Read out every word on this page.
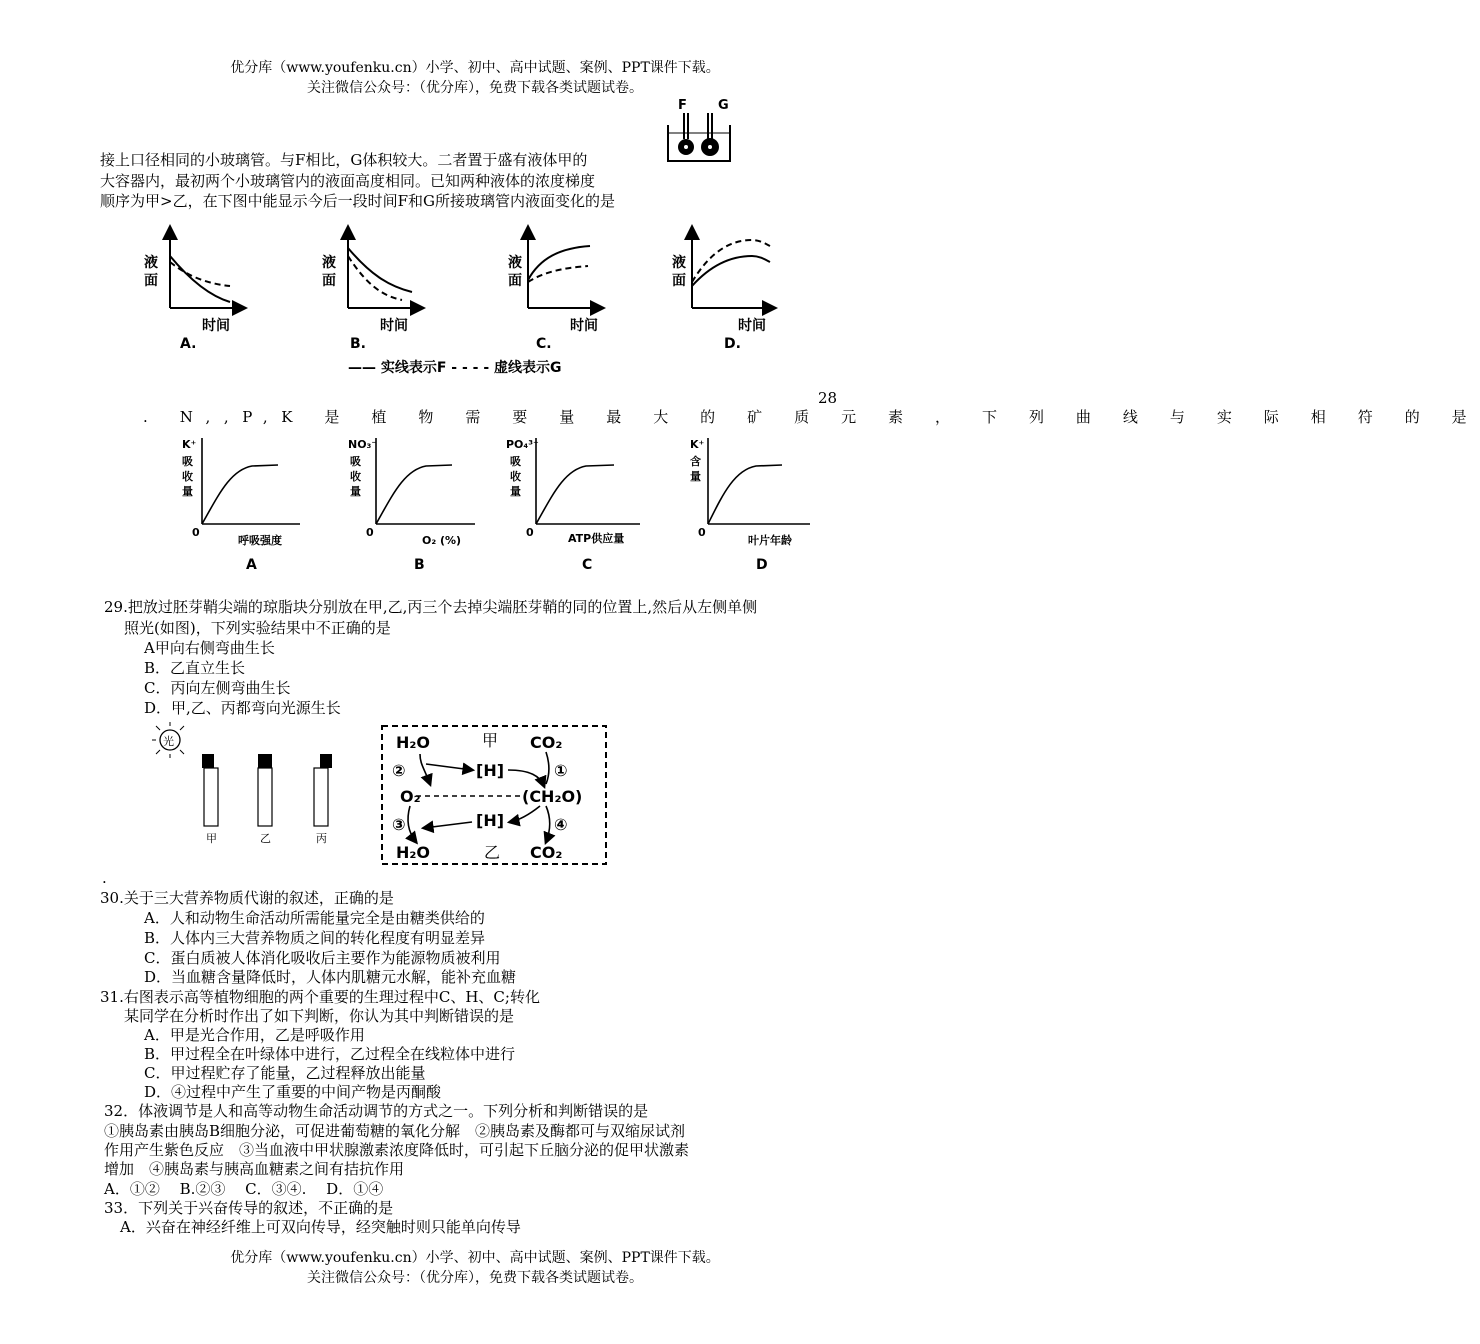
优分库（www.youfenku.cn）小学、初中、高中试题、案例、PPT课件下载。
关注微信公众号：（优分库），免费下载各类试题试卷。
F G
接上口径相同的小玻璃管。与F相比，G体积较大。二者置于盛有液体甲的
大容器内，最初两个小玻璃管内的液面高度相同。已知两种液体的浓度梯度
顺序为甲>乙，在下图中能显示今后一段时间F和G所接玻璃管内液面变化的是
液
面
时间
A.
液
面
时间
B.
液
面
时间
C.
液
面
时间
D.
—— 实线表示F - - - - 虚线表示G
28
. N,,P,K 是 植 物 需 要 量 最 大 的 矿 质 元 素 ， 下 列 曲 线 与 实 际 相 符 的 是
K⁺
吸
收
量
0
呼吸强度
A
NO₃⁻
吸
收
量
0
O₂ (%)
B
PO₄³⁻
吸
收
量
0	ATP供应量
C
K⁺
含
量
0
叶片年龄
D
29.把放过胚芽鞘尖端的琼脂块分别放在甲,乙,丙三个去掉尖端胚芽鞘的同的位置上,然后从左侧单侧
照光(如图)，下列实验结果中不正确的是
A甲向右侧弯曲生长
B．乙直立生长
C．丙向左侧弯曲生长
D．甲,乙、丙都弯向光源生长
光
甲	乙	丙
H₂O	甲 CO₂
[H]
O₂	(CH₂O)
[H]
H₂O	乙 CO₂
②	①
③	④
.
30.关于三大营养物质代谢的叙述，正确的是
A．人和动物生命活动所需能量完全是由糖类供给的
B．人体内三大营养物质之间的转化程度有明显差异
C．蛋白质被人体消化吸收后主要作为能源物质被利用
D．当血糖含量降低时，人体内肌糖元水解，能补充血糖
31.右图表示高等植物细胞的两个重要的生理过程中C、H、C;转化
某同学在分析时作出了如下判断，你认为其中判断错误的是
A．甲是光合作用，乙是呼吸作用
B．甲过程全在叶绿体中进行，乙过程全在线粒体中进行
C．甲过程贮存了能量，乙过程释放出能量
D．④过程中产生了重要的中间产物是丙酮酸
32．体液调节是人和高等动物生命活动调节的方式之一。下列分析和判断错误的是
①胰岛素由胰岛B细胞分泌，可促进葡萄糖的氧化分解　②胰岛素及酶都可与双缩尿试剂
作用产生紫色反应　③当血液中甲状腺激素浓度降低时，可引起下丘脑分泌的促甲状激素
增加　④胰岛素与胰高血糖素之间有拮抗作用
A．①②　 B.②③　 C．③④.　 D．①④
33．下列关于兴奋传导的叙述，不正确的是
A．兴奋在神经纤维上可双向传导，经突触时则只能单向传导
优分库（www.youfenku.cn）小学、初中、高中试题、案例、PPT课件下载。
关注微信公众号：（优分库），免费下载各类试题试卷。
